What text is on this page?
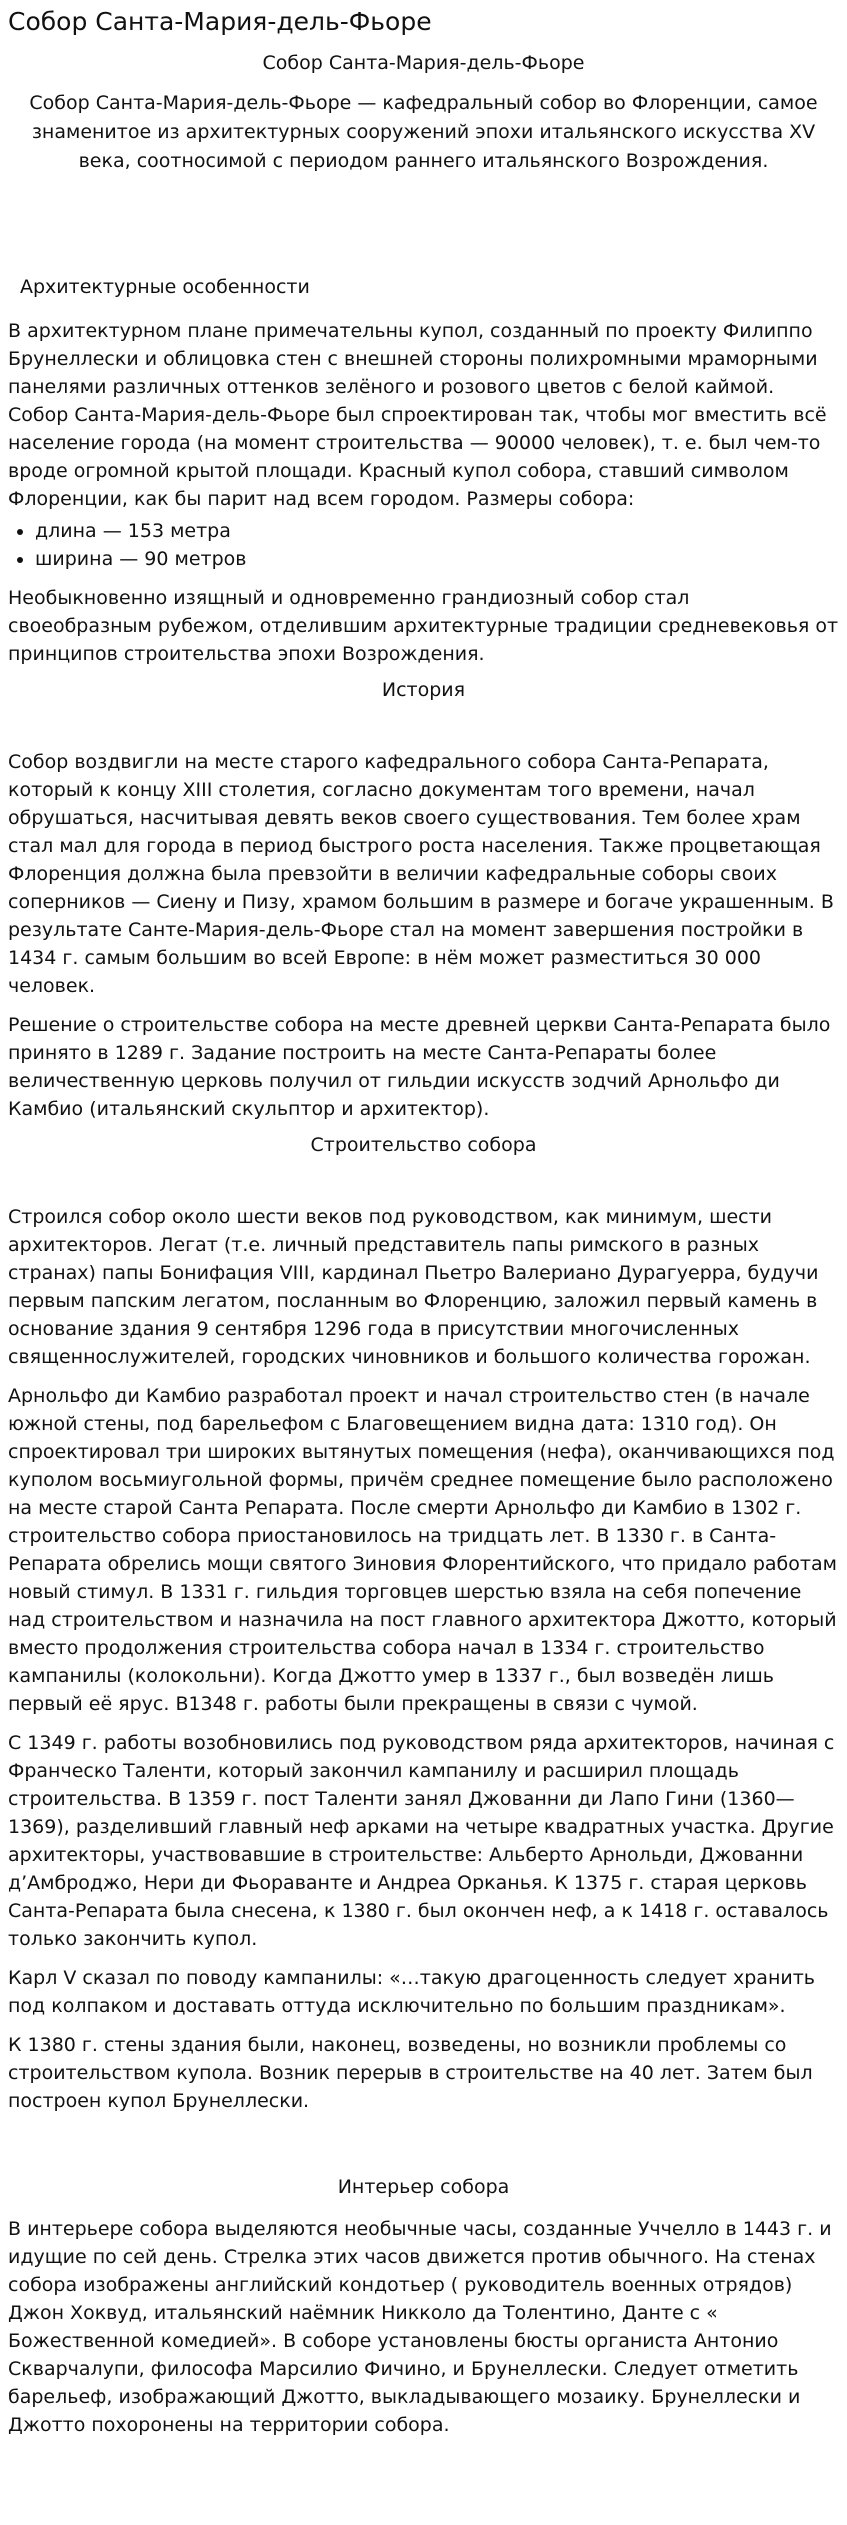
Собор Санта-Мария-дель-Фьоре

Собор Санта-Мария-дель-Фьоре

Собор Санта-Мария-дель-Фьоре — кафедральный собор во Флоренции, самое знаменитое из архитектурных сооружений эпохи итальянского искусства XV века, соотносимой с периодом раннего итальянского Возрождения.

Архитектурные особенности

В архитектурном плане примечательны купол, созданный по проекту Филиппо Брунеллески и облицовка стен с внешней стороны полихромными мраморными панелями различных оттенков зелёного и розового цветов с белой каймой. Собор Санта-Мария-дель-Фьоре был спроектирован так, чтобы мог вместить всё население города (на момент строительства — 90000 человек), т. е. был чем-то вроде огромной крытой площади. Красный купол собора, ставший символом Флоренции, как бы парит над всем городом. Размеры собора:

• длина — 153 метра
• ширина — 90 метров

Необыкновенно изящный и одновременно грандиозный собор стал своеобразным рубежом, отделившим архитектурные традиции средневековья от принципов строительства эпохи Возрождения.

История

Собор воздвигли на месте старого кафедрального собора Санта-Репарата, который к концу XIII столетия, согласно документам того времени, начал обрушаться, насчитывая девять веков своего существования. Тем более храм стал мал для города в период быстрого роста населения. Также процветающая Флоренция должна была превзойти в величии кафедральные соборы своих соперников — Сиену и Пизу, храмом большим в размере и богаче украшенным. В результате Санте-Мария-дель-Фьоре стал на момент завершения постройки в 1434 г. самым большим во всей Европе: в нём может разместиться 30 000 человек.

Решение о строительстве собора на месте древней церкви Санта-Репарата было принято в 1289 г. Задание построить на месте Санта-Репараты более величественную церковь получил от гильдии искусств зодчий Арнольфо ди Камбио (итальянский скульптор и архитектор).

Строительство собора

Строился собор около шести веков под руководством, как минимум, шести архитекторов. Легат (т.е. личный представитель папы римского в разных странах) папы Бонифация VIII, кардинал Пьетро Валериано Дурагуерра, будучи первым папским легатом, посланным во Флоренцию, заложил первый камень в основание здания 9 сентября 1296 года в присутствии многочисленных священнослужителей, городских чиновников и большого количества горожан.

Арнольфо ди Камбио разработал проект и начал строительство стен (в начале южной стены, под барельефом с Благовещением видна дата: 1310 год). Он спроектировал три широких вытянутых помещения (нефа), оканчивающихся под куполом восьмиугольной формы, причём среднее помещение было расположено на месте старой Санта Репарата. После смерти Арнольфо ди Камбио в 1302 г. строительство собора приостановилось на тридцать лет. В 1330 г. в Санта-Репарата обрелись мощи святого Зиновия Флорентийского, что придало работам новый стимул. В 1331 г. гильдия торговцев шерстью взяла на себя попечение над строительством и назначила на пост главного архитектора Джотто, который вместо продолжения строительства собора начал в 1334 г. строительство кампанилы (колокольни). Когда Джотто умер в 1337 г., был возведён лишь первый её ярус. В1348 г. работы были прекращены в связи с чумой.

С 1349 г. работы возобновились под руководством ряда архитекторов, начиная с Франческо Таленти, который закончил кампанилу и расширил площадь строительства. В 1359 г. пост Таленти занял Джованни ди Лапо Гини (1360—1369), разделивший главный неф арками на четыре квадратных участка. Другие архитекторы, участвовавшие в строительстве: Альберто Арнольди, Джованни д’Амброджо, Нери ди Фьораванте и Андреа Орканья. К 1375 г. старая церковь Санта-Репарата была снесена, к 1380 г. был окончен неф, а к 1418 г. оставалось только закончить купол.

Карл V сказал по поводу кампанилы: «…такую драгоценность следует хранить под колпаком и доставать оттуда исключительно по большим праздникам».

К 1380 г. стены здания были, наконец, возведены, но возникли проблемы со строительством купола. Возник перерыв в строительстве на 40 лет. Затем был построен купол Брунеллески.

Интерьер собора

В интерьере собора выделяются необычные часы, созданные Уччелло в 1443 г. и идущие по сей день. Стрелка этих часов движется против обычного. На стенах собора изображены английский кондотьер ( руководитель военных отрядов) Джон Хоквуд, итальянский наёмник Никколо да Толентино, Данте с « Божественной комедией». В соборе установлены бюсты органиста Антонио Скварчалупи, философа Марсилио Фичино, и Брунеллески. Следует отметить барельеф, изображающий Джотто, выкладывающего мозаику. Брунеллески и Джотто похоронены на территории собора.
